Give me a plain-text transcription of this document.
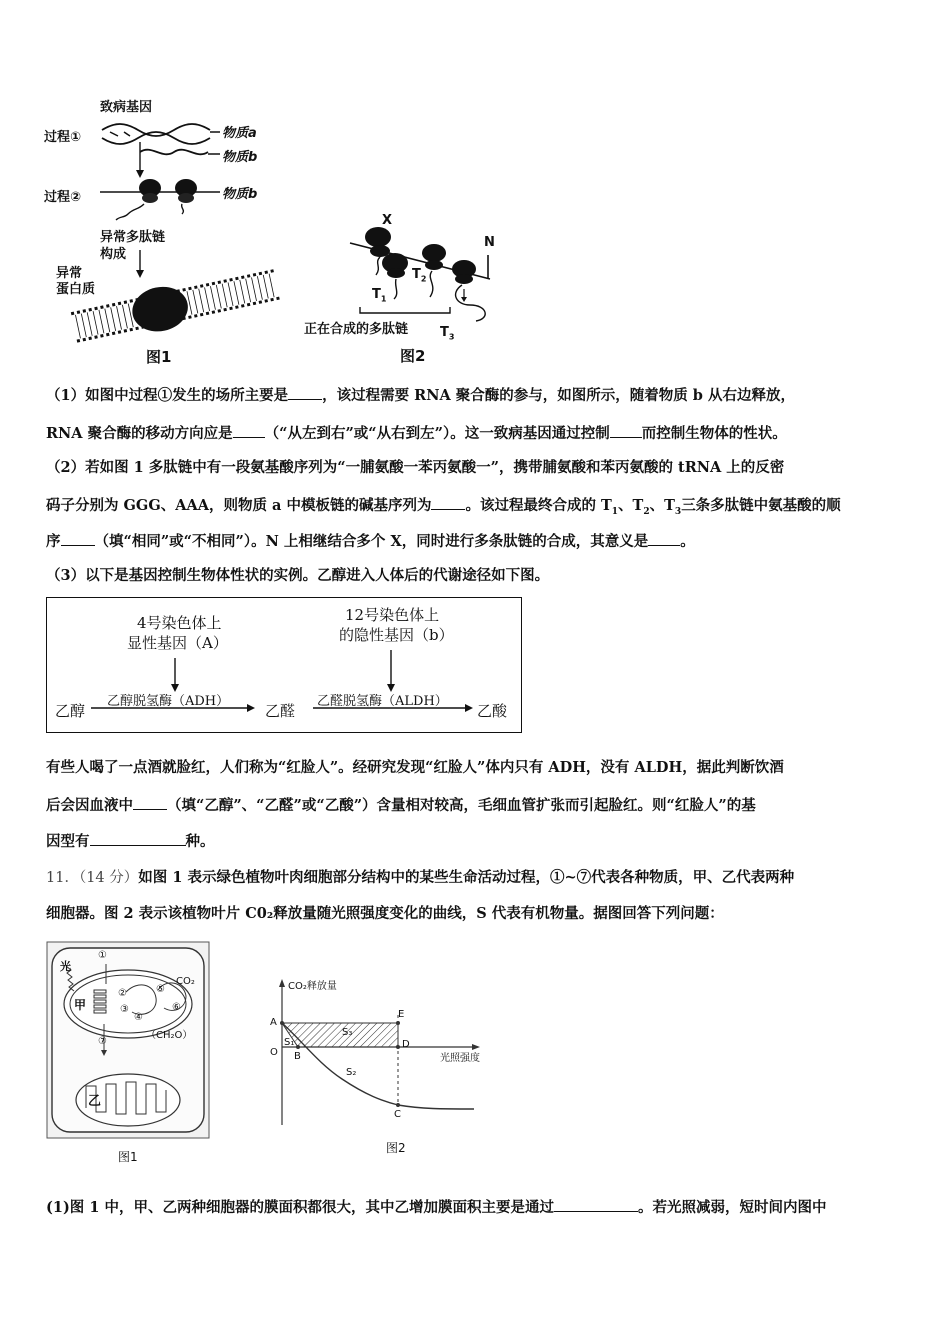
致病基因
过程①
过程②
物质a
物质b
物质b
异常多肽链
构成
异常
蛋白质
图1
X
N
$T_1$
$T_2$
$T_3$
正在合成的多肽链
图2
（1）如图中过程①发生的场所主要是 ，该过程需要 RNA 聚合酶的参与，如图所示，随着物质 b 从右边释放，
RNA 聚合酶的移动方向应是 （“从左到右”或“从右到左”）。这一致病基因通过控制 而控制生物体的性状。
（2）若如图 1 多肽链中有一段氨基酸序列为“一脯氨酸一苯丙氨酸一”，携带脯氨酸和苯丙氨酸的 tRNA 上的反密
码子分别为 GGG、AAA，则物质 a 中模板链的碱基序列为 。该过程最终合成的 $T_1$、$T_2$、$T_3$三条多肽链中氨基酸的顺
序 （填“相同”或“不相同”）。N 上相继结合多个 X，同时进行多条肽链的合成，其意义是 。
（3）以下是基因控制生物体性状的实例。乙醇进入人体后的代谢途径如下图。
4号染色体上
显性基因（A）
12号染色体上
的隐性基因（b）
乙醇
乙醇脱氢酶（ADH）
乙醛
乙醛脱氢酶（ALDH）
乙酸
有些人喝了一点酒就脸红，人们称为“红脸人”。经研究发现“红脸人”体内只有 ADH，没有 ALDH，据此判断饮酒
后会因血液中 （填“乙醇”、“乙醛”或“乙酸”）含量相对较高，毛细血管扩张而引起脸红。则“红脸人”的基
因型有	种。
11．（14 分）如图 1 表示绿色植物叶肉细胞部分结构中的某些生命活动过程，①~⑦代表各种物质，甲、乙代表两种
细胞器。图 2 表示该植物叶片 C0₂释放量随光照强度变化的曲线，S 代表有机物量。据图回答下列问题：
光
甲
乙
①
②
③
④
⑤
⑥
⑦
CO₂
（CH₂O）
图1
CO₂释放量
光照强度
A
O B
D
E
C
S₁
S₂
S₃
图2
(1)图 1 中，甲、乙两种细胞器的膜面积都很大，其中乙增加膜面积主要是通过	。若光照减弱，短时间内图中
